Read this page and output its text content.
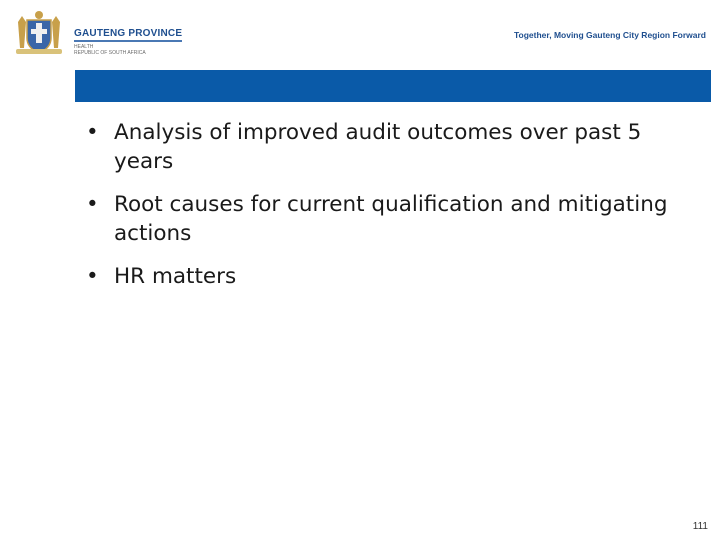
GAUTENG PROVINCE
HEALTH
REPUBLIC OF SOUTH AFRICA
Together, Moving Gauteng City Region Forward
• Analysis of improved audit outcomes over past 5 years
• Root causes for current qualification and mitigating actions
• HR matters
111
